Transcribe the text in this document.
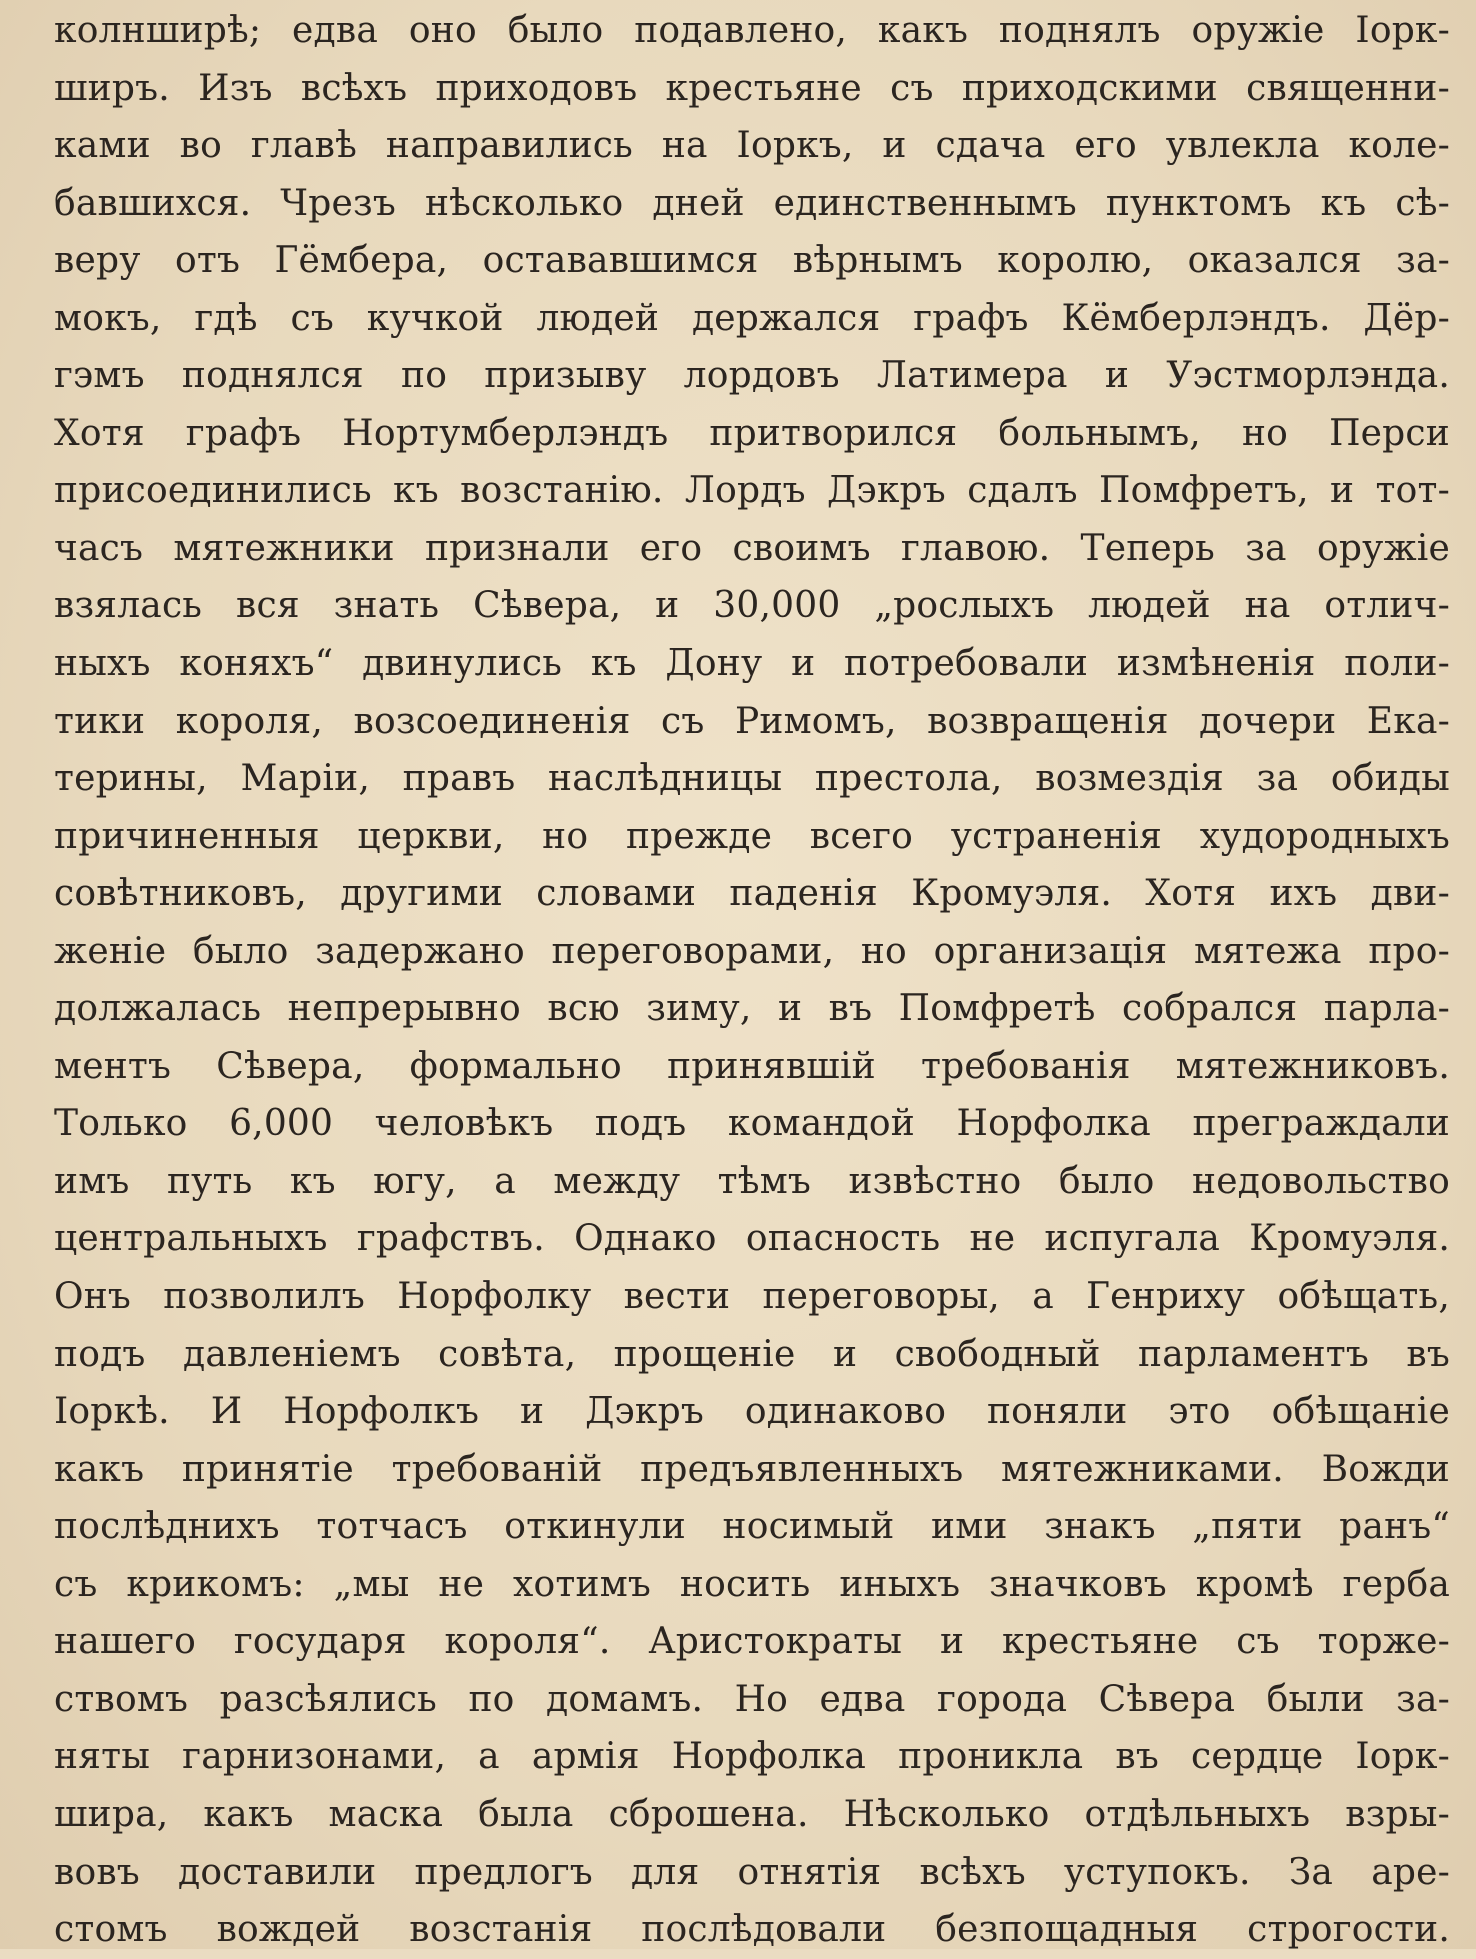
колнширѣ; едва оно было подавлено, какъ поднялъ оружіе Іорк-
ширъ. Изъ всѣхъ приходовъ крестьяне съ приходскими священни-
ками во главѣ направились на Іоркъ, и сдача его увлекла коле-
бавшихся. Чрезъ нѣсколько дней единственнымъ пунктомъ къ сѣ-
веру отъ Гёмбера, остававшимся вѣрнымъ королю, оказался за-
мокъ, гдѣ съ кучкой людей держался графъ Кёмберлэндъ. Дёр-
гэмъ поднялся по призыву лордовъ Латимера и Уэстморлэнда.
Хотя графъ Нортумберлэндъ притворился больнымъ, но Перси
присоединились къ возстанію. Лордъ Дэкръ сдалъ Помфретъ, и тот-
часъ мятежники признали его своимъ главою. Теперь за оружіе
взялась вся знать Сѣвера, и 30,000 „рослыхъ людей на отлич-
ныхъ коняхъ“ двинулись къ Дону и потребовали измѣненія поли-
тики короля, возсоединенія съ Римомъ, возвращенія дочери Ека-
терины, Маріи, правъ наслѣдницы престола, возмездія за обиды
причиненныя церкви, но прежде всего устраненія худородныхъ
совѣтниковъ, другими словами паденія Кромуэля. Хотя ихъ дви-
женіе было задержано переговорами, но организація мятежа про-
должалась непрерывно всю зиму, и въ Помфретѣ собрался парла-
ментъ Сѣвера, формально принявшій требованія мятежниковъ.
Только 6,000 человѣкъ подъ командой Норфолка преграждали
имъ путь къ югу, а между тѣмъ извѣстно было недовольство
центральныхъ графствъ. Однако опасность не испугала Кромуэля.
Онъ позволилъ Норфолку вести переговоры, а Генриху обѣщать,
подъ давленіемъ совѣта, прощеніе и свободный парламентъ въ
Іоркѣ. И Норфолкъ и Дэкръ одинаково поняли это обѣщаніе
какъ принятіе требованій предъявленныхъ мятежниками. Вожди
послѣднихъ тотчасъ откинули носимый ими знакъ „пяти ранъ“
съ крикомъ: „мы не хотимъ носить иныхъ значковъ кромѣ герба
нашего государя короля“. Аристократы и крестьяне съ торже-
ствомъ разсѣялись по домамъ. Но едва города Сѣвера были за-
няты гарнизонами, а армія Норфолка проникла въ сердце Іорк-
шира, какъ маска была сброшена. Нѣсколько отдѣльныхъ взры-
вовъ доставили предлогъ для отнятія всѣхъ уступокъ. За аре-
стомъ вождей возстанія послѣдовали безпощадныя строгости.
